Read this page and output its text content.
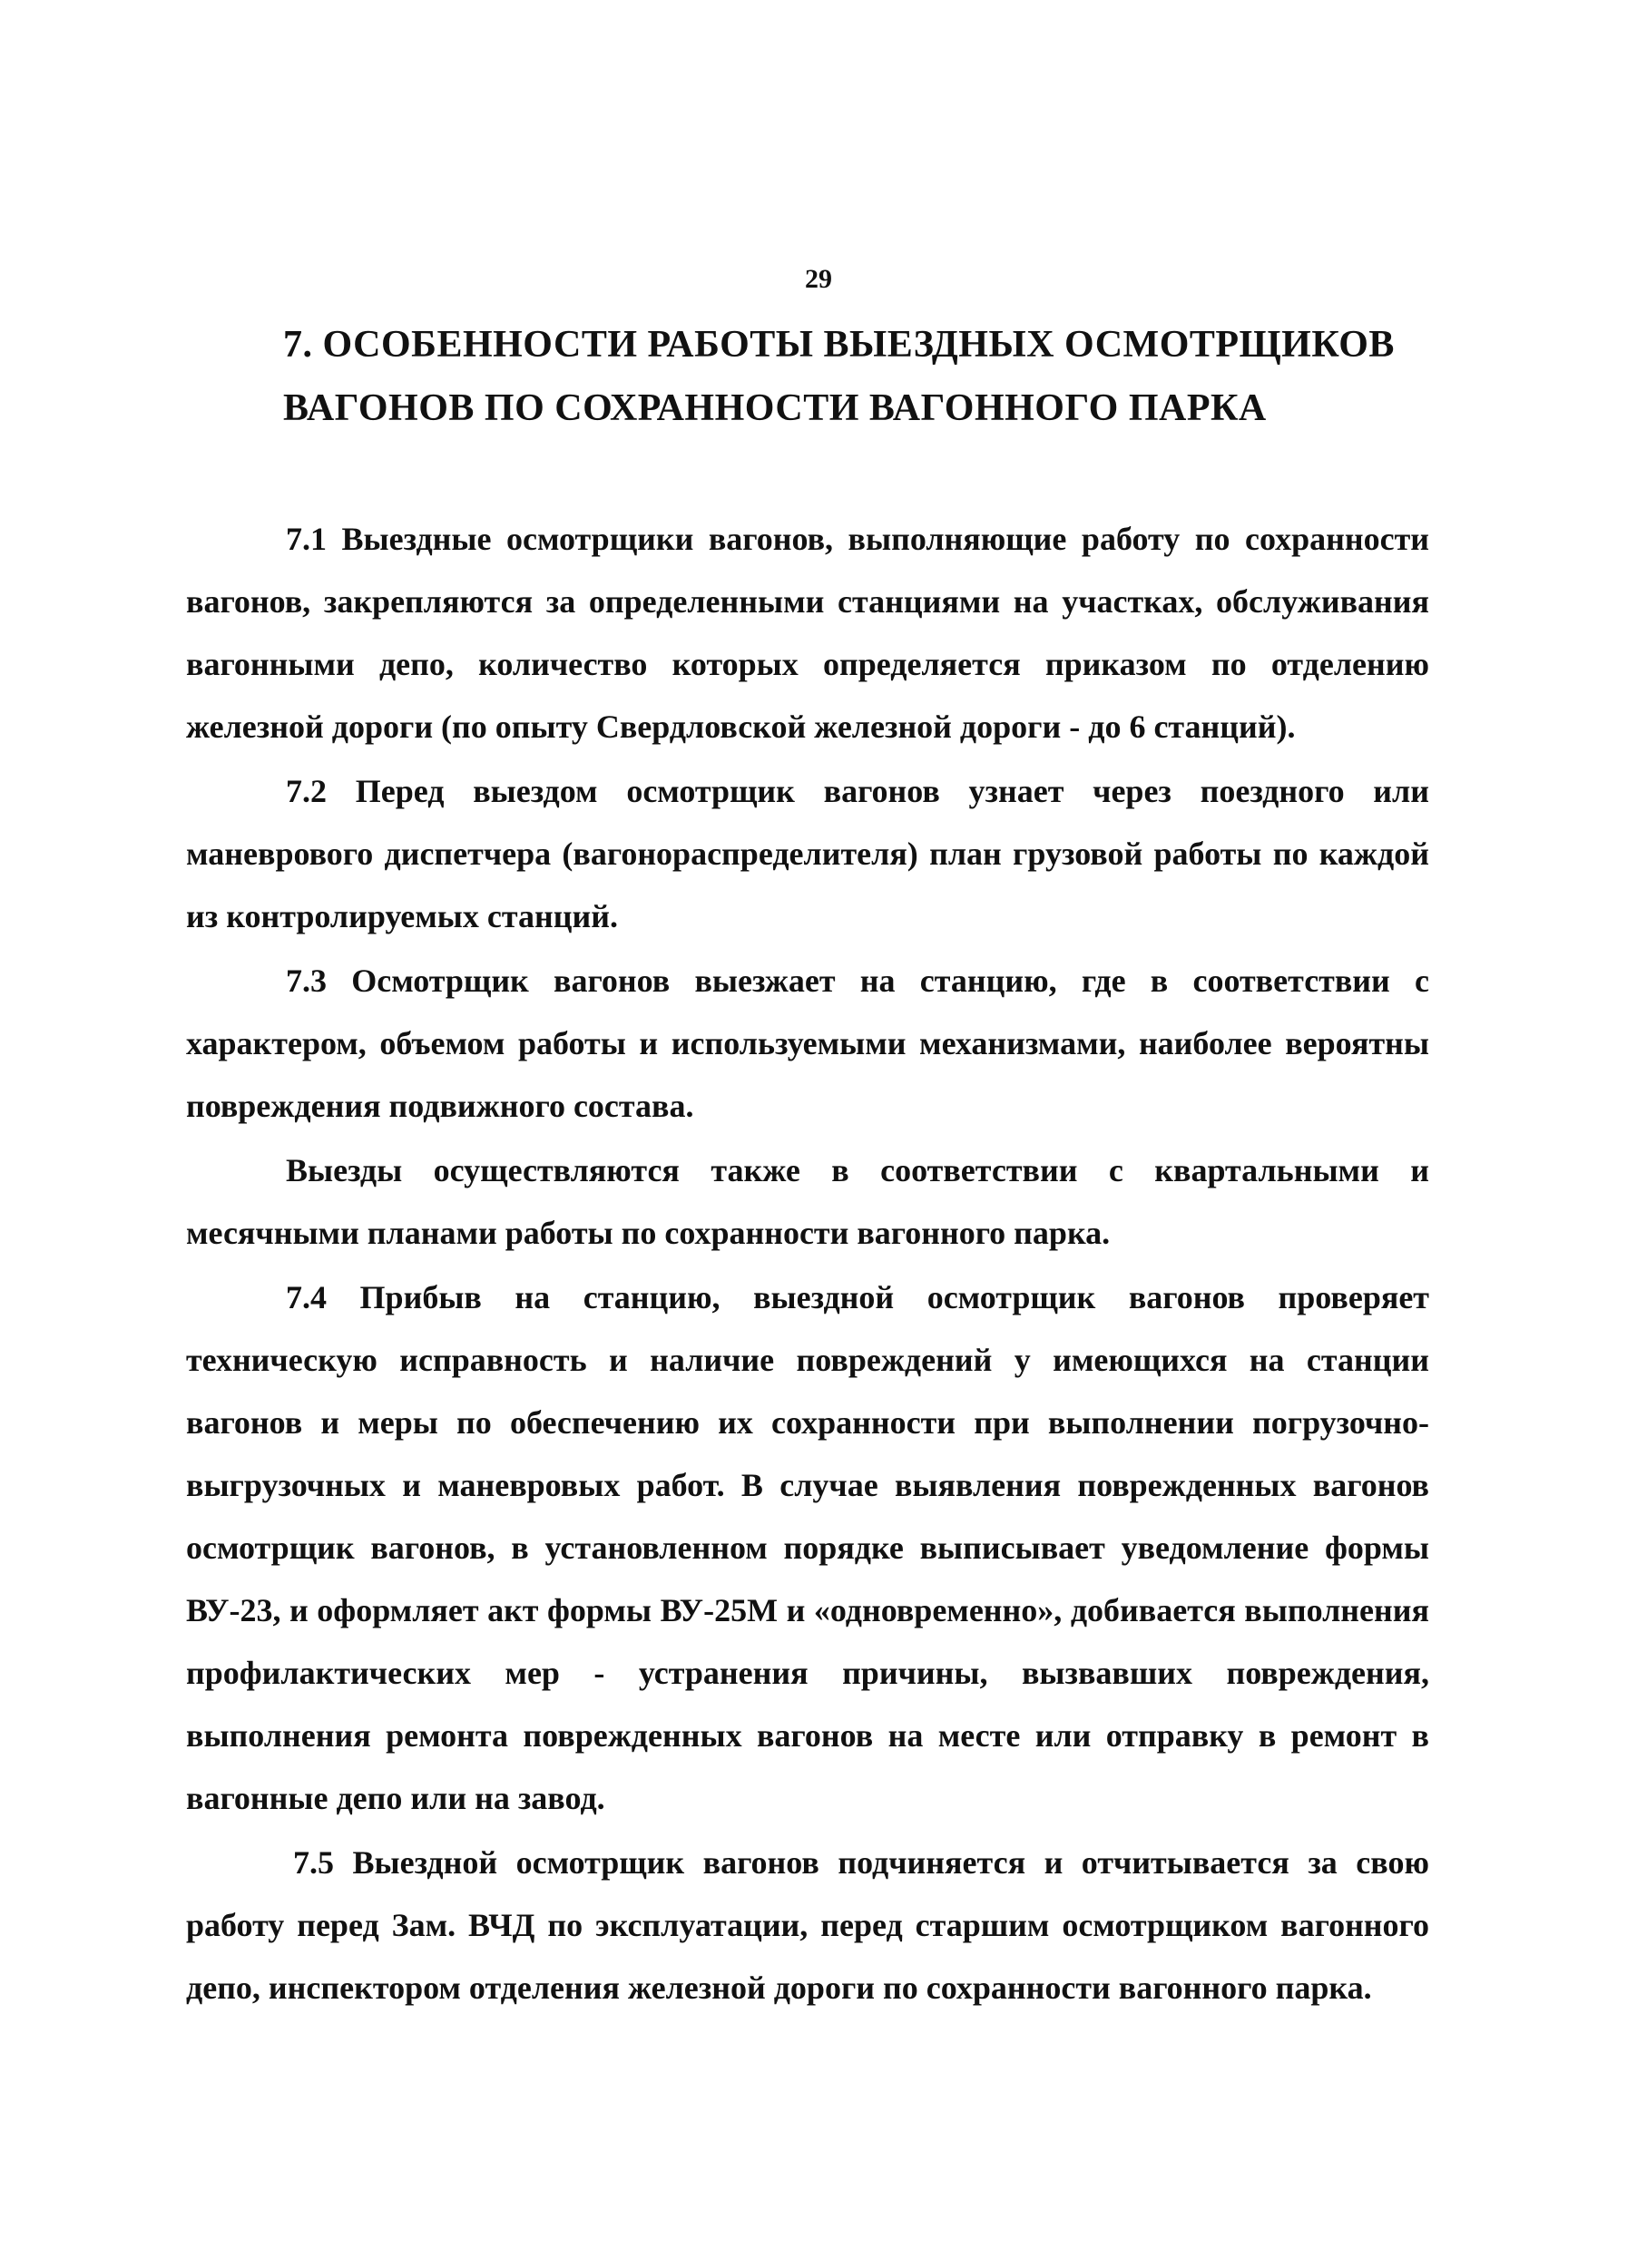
29
7. ОСОБЕННОСТИ РАБОТЫ ВЫЕЗДНЫХ ОСМОТРЩИКОВ
ВАГОНОВ ПО СОХРАННОСТИ ВАГОННОГО ПАРКА

7.1 Выездные осмотрщики вагонов, выполняющие работу по сохранности вагонов, закрепляются за определенными станциями на участках, обслуживания вагонными депо, количество которых определяется приказом по отделению железной дороги (по опыту Свердловской железной дороги - до 6 станций).

7.2 Перед выездом осмотрщик вагонов узнает через поездного или маневрового диспетчера (вагонораспределителя) план грузовой работы по каждой из контролируемых станций.

7.3 Осмотрщик вагонов выезжает на станцию, где в соответствии с характером, объемом работы и используемыми механизмами, наиболее вероятны повреждения подвижного состава.

Выезды осуществляются также в соответствии с квартальными и месячными планами работы по сохранности вагонного парка.

7.4 Прибыв на станцию, выездной осмотрщик вагонов проверяет техническую исправность и наличие повреждений у имеющихся на станции вагонов и меры по обеспечению их сохранности при выполнении погрузочно-выгрузочных и маневровых работ. В случае выявления поврежденных вагонов осмотрщик вагонов, в установленном порядке выписывает уведомление формы ВУ-23, и оформляет акт формы ВУ-25М и «одновременно», добивается выполнения профилактических мер - устранения причины, вызвавших повреждения, выполнения ремонта поврежденных вагонов на месте или отправку в ремонт в вагонные депо или на завод.

7.5 Выездной осмотрщик вагонов подчиняется и отчитывается за свою работу перед Зам. ВЧД по эксплуатации, перед старшим осмотрщиком вагонного депо, инспектором отделения железной дороги по сохранности вагонного парка.
